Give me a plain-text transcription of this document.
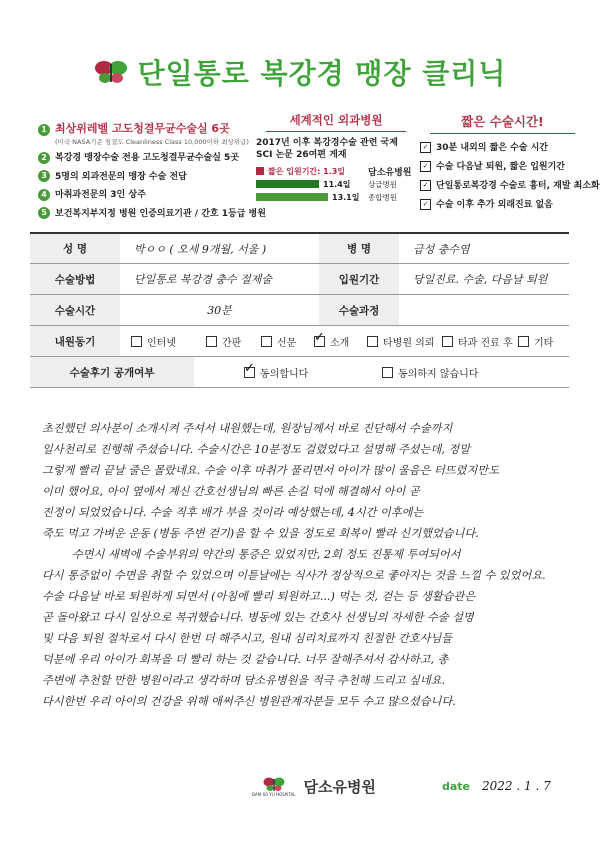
단일통로 복강경 맹장 클리닉
1 최상위레벨 고도청결무균수술실 6곳
(미국 NASA기준 청결도 Cleanliness Class 10,000이하 최상위급)
2 복강경 맹장수술 전용 고도청결무균수술실 5곳
3 5명의 외과전문의 맹장 수술 전담
4 마취과전문의 3인 상주
5 보건복지부지정 병원 인증의료기관 / 간호 1등급 병원
세계적인 외과병원
2017년 이후 복강경수술 관련 국제
SCI 논문 26여편 게재
짧은 입원기간: 1.3일	담소유병원
11.4일 상급병원
13.1일 종합병원
짧은 수술시간!
✓ 30분 내외의 짧은 수술 시간
✓ 수술 다음날 퇴원, 짧은 입원기간
✓ 단일통로복강경 수술로 흉터, 재발 최소화
✓ 수술 이후 추가 외래진료 없음
성 명	박ㅇㅇ ( 오세 9개월, 서울 )	병 명	급성 충수염
수술방법	단일통로 복강경 충수 절제술	입원기간	당일진료. 수술, 다음날 퇴원
수술시간	30분	수술과정
내원동기	인터넷	간판	신문 ✓	소개	타병원 의뢰 타과 진료 후 기타
수술후기 공개여부 ✓	동의합니다	동의하지 않습니다
초진했던 의사분이 소개시켜 주셔서 내원했는데, 원장님께서 바로 진단해서 수술까지
일사천리로 진행해 주셨습니다. 수술시간은 10분정도 걸렸었다고 설명해 주셨는데, 정말
그렇게 빨리 끝날 줄은 몰랐네요. 수술 이후 마취가 풀리면서 아이가 많이 울음은 터뜨렸지만도
이미 했어요, 아이 옆에서 계신 간호선생님의 빠른 손길 덕에 해결해서 아이 곧
진정이 되었었습니다. 수술 직후 배가 부을 것이라 예상했는데, 4시간 이후에는
죽도 먹고 가벼운 운동 (병동 주변 걷기)을 할 수 있을 정도로 회복이 빨라 신기했었습니다.
수면시 새벽에 수술부위의 약간의 통증은 있었지만, 2회 정도 진통제 투여되어서
다시 통증없이 수면을 취할 수 있었으며 이튿날에는 식사가 정상적으로 좋아지는 것을 느낄 수 있었어요.
수술 다음날 바로 퇴원하게 되면서 (아침에 빨리 퇴원하고...) 먹는 것, 걷는 등 생활습관은
곧 돌아왔고 다시 일상으로 복귀했습니다. 병동에 있는 간호사 선생님의 자세한 수술 설명
및 다음 퇴원 절차로서 다시 한번 더 해주시고, 원내 심리치료까지 친절한 간호사님들
덕분에 우리 아이가 회복을 더 빨리 하는 것 같습니다. 너무 잘해주셔서 감사하고, 총
주변에 추천할 만한 병원이라고 생각하며 담소유병원을 적극 추천해 드리고 싶네요.
다시한번 우리 아이의 건강을 위해 애써주신 병원관계자분들 모두 수고 많으셨습니다.
DAM SO YU HOSPITAL 담소유병원	date 2022 . 1 . 7
